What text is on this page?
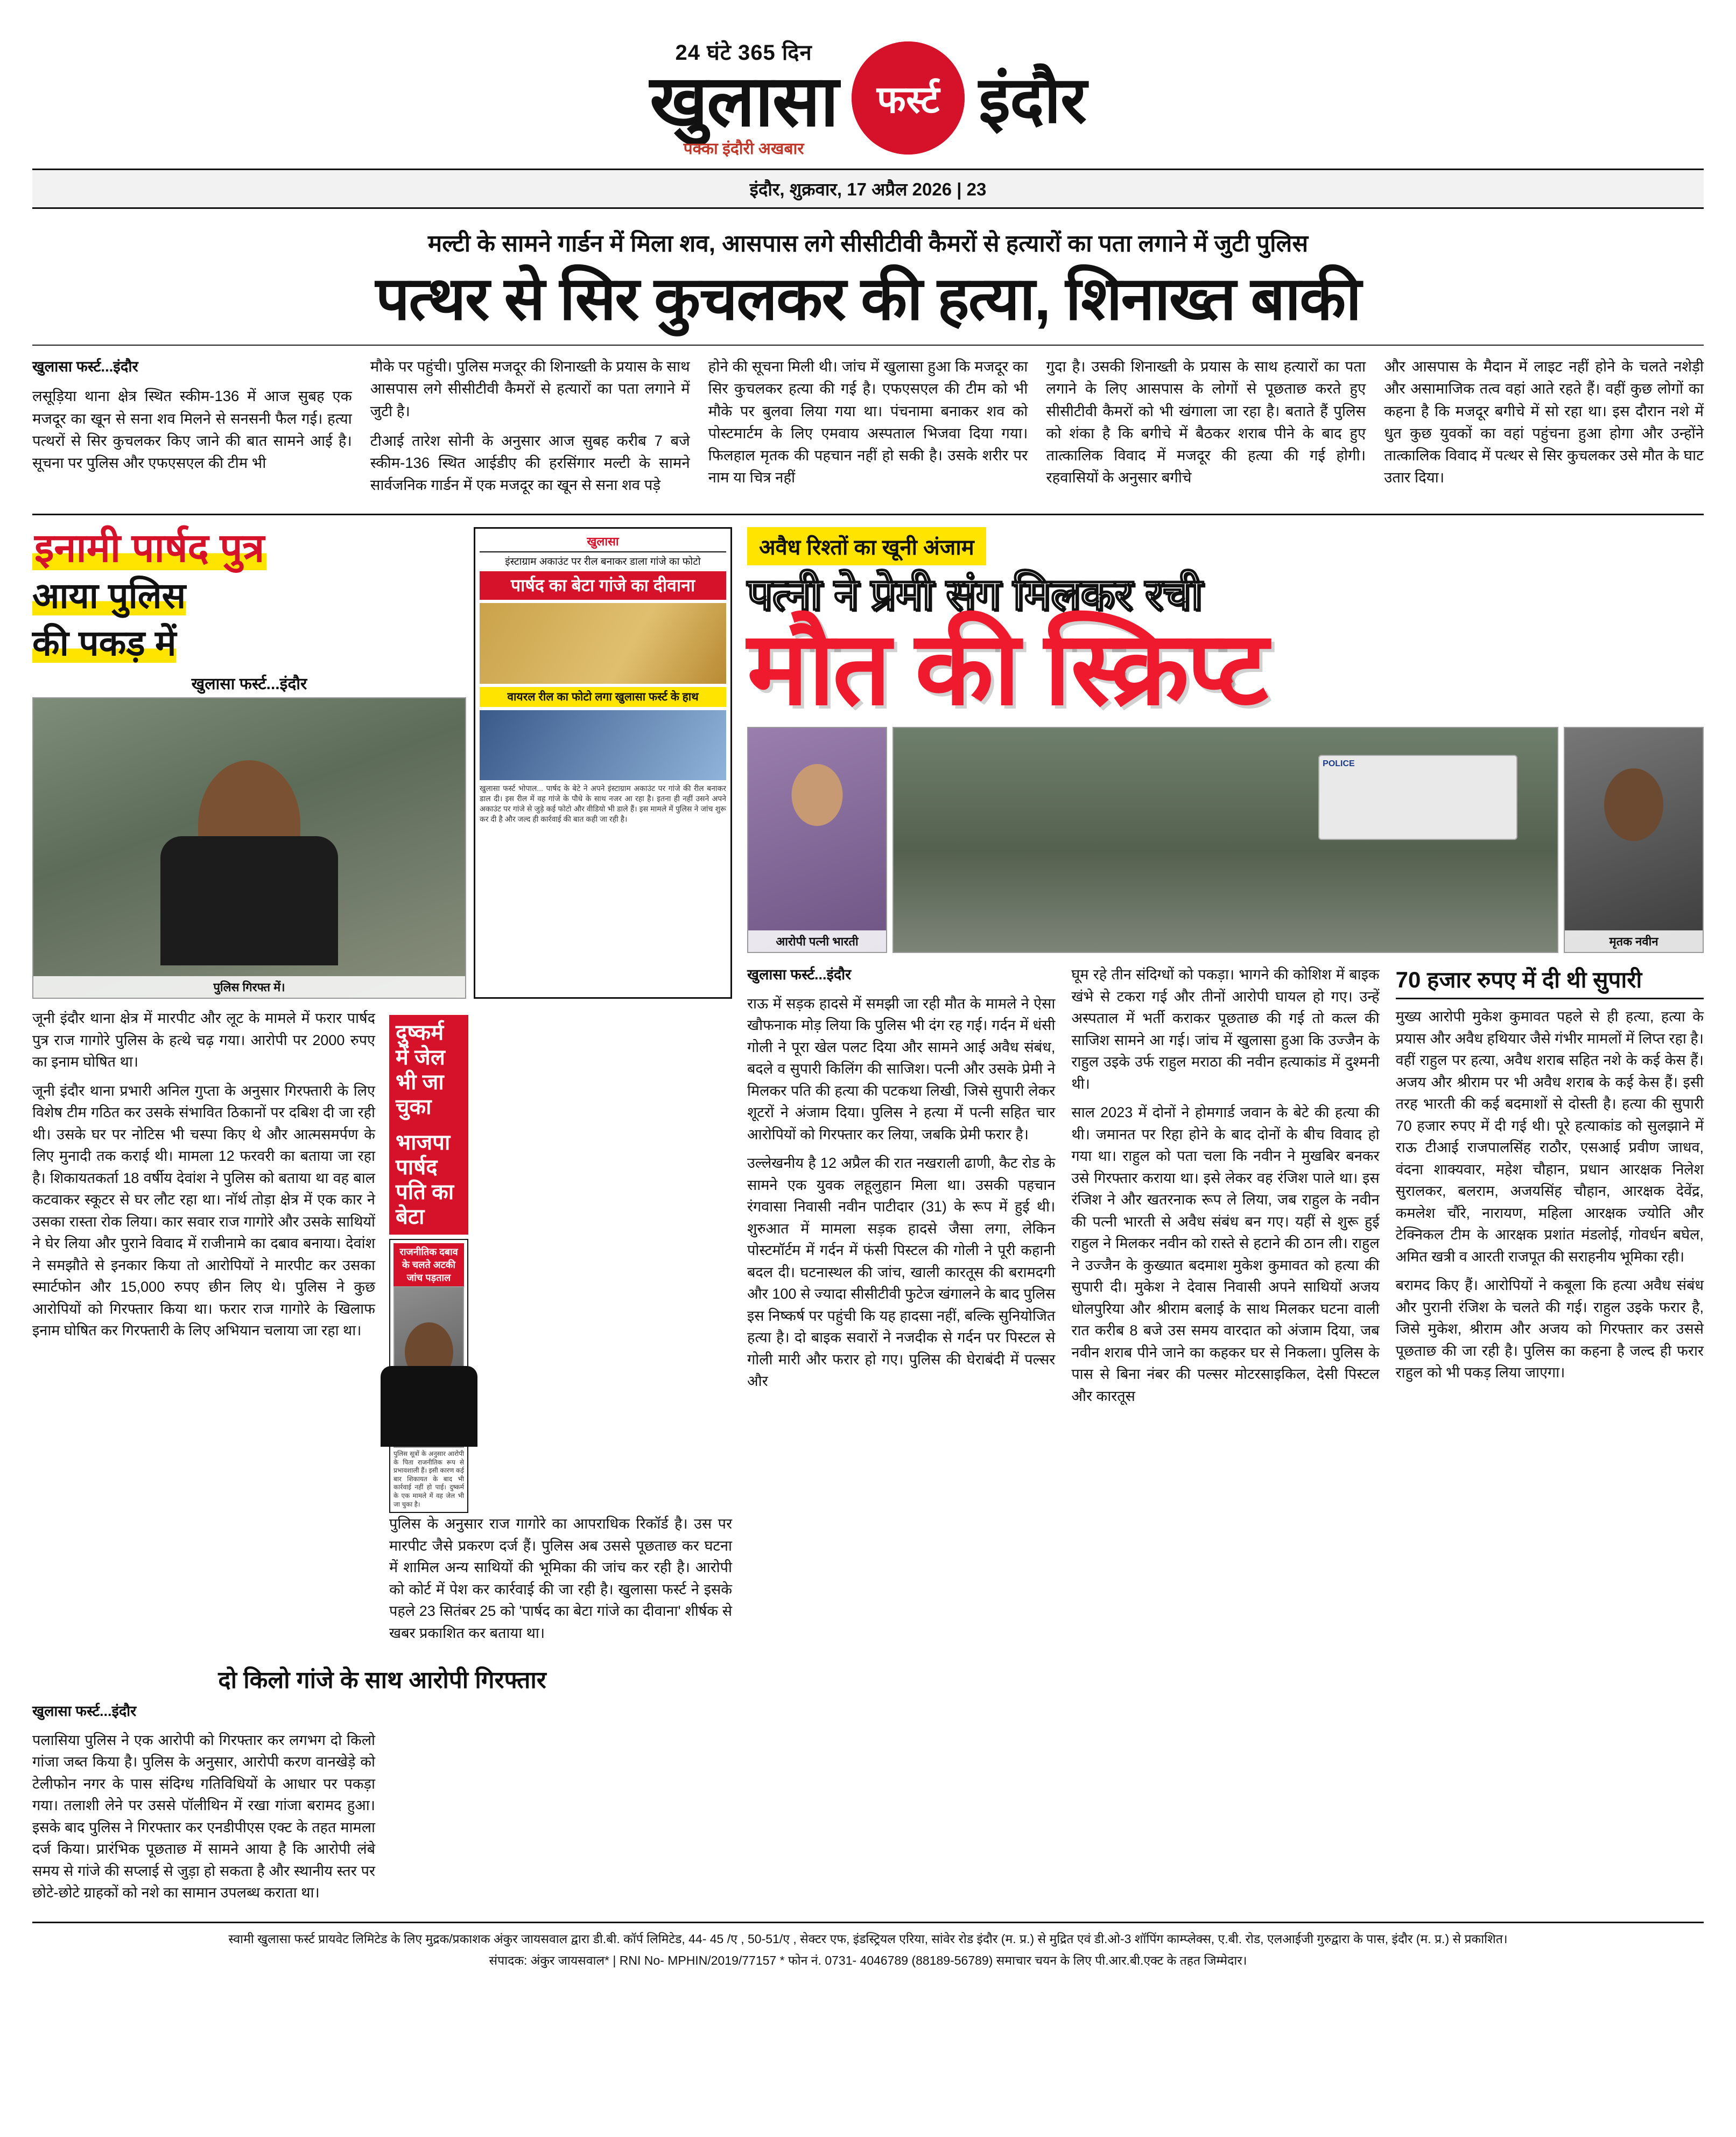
24 घंटे 365 दिन
खुलासा
पक्का इंदौरी अखबार
फर्स्ट इंदौर
इंदौर, शुक्रवार, 17 अप्रैल 2026 | 23
मल्टी के सामने गार्डन में मिला शव, आसपास लगे सीसीटीवी कैमरों से हत्यारों का पता लगाने में जुटी पुलिस
पत्थर से सिर कुचलकर की हत्या, शिनाख्त बाकी

खुलासा फर्स्ट...इंदौर

लसूड़िया थाना क्षेत्र स्थित स्कीम-136 में आज सुबह एक मजदूर का खून से सना शव मिलने से सनसनी फैल गई। हत्या पत्थरों से सिर कुचलकर किए जाने की बात सामने आई है। सूचना पर पुलिस और एफएसएल की टीम भी

मौके पर पहुंची। पुलिस मजदूर की शिनाख्ती के प्रयास के साथ आसपास लगे सीसीटीवी कैमरों से हत्यारों का पता लगाने में जुटी है।

टीआई तारेश सोनी के अनुसार आज सुबह करीब 7 बजे स्कीम-136 स्थित आईडीए की हरसिंगार मल्टी के सामने सार्वजनिक गार्डन में एक मजदूर का खून से सना शव पड़े

होने की सूचना मिली थी। जांच में खुलासा हुआ कि मजदूर का सिर कुचलकर हत्या की गई है। एफएसएल की टीम को भी मौके पर बुलवा लिया गया था। पंचनामा बनाकर शव को पोस्टमार्टम के लिए एमवाय अस्पताल भिजवा दिया गया। फिलहाल मृतक की पहचान नहीं हो सकी है। उसके शरीर पर नाम या चित्र नहीं

गुदा है। उसकी शिनाख्ती के प्रयास के साथ हत्यारों का पता लगाने के लिए आसपास के लोगों से पूछताछ करते हुए सीसीटीवी कैमरों को भी खंगाला जा रहा है। बताते हैं पुलिस को शंका है कि बगीचे में बैठकर शराब पीने के बाद हुए तात्कालिक विवाद में मजदूर की हत्या की गई होगी। रहवासियों के अनुसार बगीचे

और आसपास के मैदान में लाइट नहीं होने के चलते नशेड़ी और असामाजिक तत्व वहां आते रहते हैं। वहीं कुछ लोगों का कहना है कि मजदूर बगीचे में सो रहा था। इस दौरान नशे में धुत कुछ युवकों का वहां पहुंचना हुआ होगा और उन्होंने तात्कालिक विवाद में पत्थर से सिर कुचलकर उसे मौत के घाट उतार दिया।

इनामी पार्षद पुत्र
आया पुलिस
की पकड़ में
खुलासा फर्स्ट...इंदौर
पुलिस गिरफ्त में।
खुलासा
इंस्टाग्राम अकाउंट पर रील बनाकर डाला गांजे का फोटो
पार्षद का बेटा गांजे का दीवाना
वायरल रील का फोटो लगा खुलासा फर्स्ट के हाथ
खुलासा फर्स्ट भोपाल... पार्षद के बेटे ने अपने इंस्टाग्राम अकाउंट पर गांजे की रील बनाकर डाल दी। इस रील में वह गांजे के पौधे के साथ नजर आ रहा है। इतना ही नहीं उसने अपने अकाउंट पर गांजे से जुड़े कई फोटो और वीडियो भी डाले हैं। इस मामले में पुलिस ने जांच शुरू कर दी है और जल्द ही कार्रवाई की बात कही जा रही है।

जूनी इंदौर थाना क्षेत्र में मारपीट और लूट के मामले में फरार पार्षद पुत्र राज गागोरे पुलिस के हत्थे चढ़ गया। आरोपी पर 2000 रुपए का इनाम घोषित था।

जूनी इंदौर थाना प्रभारी अनिल गुप्ता के अनुसार गिरफ्तारी के लिए विशेष टीम गठित कर उसके संभावित ठिकानों पर दबिश दी जा रही थी। उसके घर पर नोटिस भी चस्पा किए थे और आत्मसमर्पण के लिए मुनादी तक कराई थी। मामला 12 फरवरी का बताया जा रहा है। शिकायतकर्ता 18 वर्षीय देवांश ने पुलिस को बताया था वह बाल कटवाकर स्कूटर से घर लौट रहा था। नॉर्थ तोड़ा क्षेत्र में एक कार ने उसका रास्ता रोक लिया। कार सवार राज गागोरे और उसके साथियों ने घेर लिया और पुराने विवाद में राजीनामे का दबाव बनाया। देवांश ने समझौते से इनकार किया तो आरोपियों ने मारपीट कर उसका स्मार्टफोन और 15,000 रुपए छीन लिए थे। पुलिस ने कुछ आरोपियों को गिरफ्तार किया था। फरार राज गागोरे के खिलाफ इनाम घोषित कर गिरफ्तारी के लिए अभियान चलाया जा रहा था।

दुष्कर्म में जेल भी जा चुका
भाजपा पार्षद पति का बेटा
राजनीतिक दबाव के चलते अटकी जांच पड़ताल
पुलिस सूत्रों के अनुसार आरोपी के पिता राजनीतिक रूप से प्रभावशाली हैं। इसी कारण कई बार शिकायत के बाद भी कार्रवाई नहीं हो पाई। दुष्कर्म के एक मामले में वह जेल भी जा चुका है।

पुलिस के अनुसार राज गागोरे का आपराधिक रिकॉर्ड है। उस पर मारपीट जैसे प्रकरण दर्ज हैं। पुलिस अब उससे पूछताछ कर घटना में शामिल अन्य साथियों की भूमिका की जांच कर रही है। आरोपी को कोर्ट में पेश कर कार्रवाई की जा रही है। खुलासा फर्स्ट ने इसके पहले 23 सितंबर 25 को 'पार्षद का बेटा गांजे का दीवाना' शीर्षक से खबर प्रकाशित कर बताया था।

दो किलो गांजे के साथ आरोपी गिरफ्तार

खुलासा फर्स्ट...इंदौर

पलासिया पुलिस ने एक आरोपी को गिरफ्तार कर लगभग दो किलो गांजा जब्त किया है। पुलिस के अनुसार, आरोपी करण वानखेड़े को टेलीफोन नगर के पास संदिग्ध गतिविधियों के आधार पर पकड़ा गया। तलाशी लेने पर उससे पॉलीथिन में रखा गांजा बरामद हुआ। इसके बाद पुलिस ने गिरफ्तार कर एनडीपीएस एक्ट के तहत मामला दर्ज किया। प्रारंभिक पूछताछ में सामने आया है कि आरोपी लंबे समय से गांजे की सप्लाई से जुड़ा हो सकता है और स्थानीय स्तर पर छोटे-छोटे ग्राहकों को नशे का सामान उपलब्ध कराता था।

अवैध रिश्तों का खूनी अंजाम
पत्नी ने प्रेमी संग मिलकर रची
मौत की स्क्रिप्ट
आरोपी पत्नी भारती
POLICE	मृतक नवीन

खुलासा फर्स्ट...इंदौर

राऊ में सड़क हादसे में समझी जा रही मौत के मामले ने ऐसा खौफनाक मोड़ लिया कि पुलिस भी दंग रह गई। गर्दन में धंसी गोली ने पूरा खेल पलट दिया और सामने आई अवैध संबंध, बदले व सुपारी किलिंग की साजिश। पत्नी और उसके प्रेमी ने मिलकर पति की हत्या की पटकथा लिखी, जिसे सुपारी लेकर शूटरों ने अंजाम दिया। पुलिस ने हत्या में पत्नी सहित चार आरोपियों को गिरफ्तार कर लिया, जबकि प्रेमी फरार है।

उल्लेखनीय है 12 अप्रैल की रात नखराली ढाणी, कैट रोड के सामने एक युवक लहूलुहान मिला था। उसकी पहचान रंगवासा निवासी नवीन पाटीदार (31) के रूप में हुई थी। शुरुआत में मामला सड़क हादसे जैसा लगा, लेकिन पोस्टमॉर्टम में गर्दन में फंसी पिस्टल की गोली ने पूरी कहानी बदल दी। घटनास्थल की जांच, खाली कारतूस की बरामदगी और 100 से ज्यादा सीसीटीवी फुटेज खंगालने के बाद पुलिस इस निष्कर्ष पर पहुंची कि यह हादसा नहीं, बल्कि सुनियोजित हत्या है। दो बाइक सवारों ने नजदीक से गर्दन पर पिस्टल से गोली मारी और फरार हो गए। पुलिस की घेराबंदी में पल्सर और

घूम रहे तीन संदिग्धों को पकड़ा। भागने की कोशिश में बाइक खंभे से टकरा गई और तीनों आरोपी घायल हो गए। उन्हें अस्पताल में भर्ती कराकर पूछताछ की गई तो कत्ल की साजिश सामने आ गई। जांच में खुलासा हुआ कि उज्जैन के राहुल उइके उर्फ राहुल मराठा की नवीन हत्याकांड में दुश्मनी थी।

साल 2023 में दोनों ने होमगार्ड जवान के बेटे की हत्या की थी। जमानत पर रिहा होने के बाद दोनों के बीच विवाद हो गया था। राहुल को पता चला कि नवीन ने मुखबिर बनकर उसे गिरफ्तार कराया था। इसे लेकर वह रंजिश पाले था। इस रंजिश ने और खतरनाक रूप ले लिया, जब राहुल के नवीन की पत्नी भारती से अवैध संबंध बन गए। यहीं से शुरू हुई राहुल ने मिलकर नवीन को रास्ते से हटाने की ठान ली। राहुल ने उज्जैन के कुख्यात बदमाश मुकेश कुमावत को हत्या की सुपारी दी। मुकेश ने देवास निवासी अपने साथियों अजय धोलपुरिया और श्रीराम बलाई के साथ मिलकर घटना वाली रात करीब 8 बजे उस समय वारदात को अंजाम दिया, जब नवीन शराब पीने जाने का कहकर घर से निकला। पुलिस के पास से बिना नंबर की पल्सर मोटरसाइकिल, देसी पिस्टल और कारतूस

70 हजार रुपए में दी थी सुपारी

मुख्य आरोपी मुकेश कुमावत पहले से ही हत्या, हत्या के प्रयास और अवैध हथियार जैसे गंभीर मामलों में लिप्त रहा है। वहीं राहुल पर हत्या, अवैध शराब सहित नशे के कई केस हैं। अजय और श्रीराम पर भी अवैध शराब के कई केस हैं। इसी तरह भारती की कई बदमाशों से दोस्ती है। हत्या की सुपारी 70 हजार रुपए में दी गई थी। पूरे हत्याकांड को सुलझाने में राऊ टीआई राजपालसिंह राठौर, एसआई प्रवीण जाधव, वंदना शाक्यवार, महेश चौहान, प्रधान आरक्षक निलेश सुरालकर, बलराम, अजयसिंह चौहान, आरक्षक देवेंद्र, कमलेश चौंरे, नारायण, महिला आरक्षक ज्योति और टेक्निकल टीम के आरक्षक प्रशांत मंडलोई, गोवर्धन बघेल, अमित खत्री व आरती राजपूत की सराहनीय भूमिका रही।

बरामद किए हैं। आरोपियों ने कबूला कि हत्या अवैध संबंध और पुरानी रंजिश के चलते की गई। राहुल उइके फरार है, जिसे मुकेश, श्रीराम और अजय को गिरफ्तार कर उससे पूछताछ की जा रही है। पुलिस का कहना है जल्द ही फरार राहुल को भी पकड़ लिया जाएगा।

स्वामी खुलासा फर्स्ट प्रायवेट लिमिटेड के लिए मुद्रक/प्रकाशक अंकुर जायसवाल द्वारा डी.बी. कॉर्प लिमिटेड, 44- 45 /ए , 50-51/ए , सेक्टर एफ, इंडस्ट्रियल एरिया, सांवेर रोड इंदौर (म. प्र.) से मुद्रित एवं डी.ओ-3 शॉपिंग काम्प्लेक्स, ए.बी. रोड, एलआईजी गुरुद्वारा के पास, इंदौर (म. प्र.) से प्रकाशित।
संपादक: अंकुर जायसवाल* | RNI No- MPHIN/2019/77157 * फोन नं. 0731- 4046789 (88189-56789) समाचार चयन के लिए पी.आर.बी.एक्ट के तहत जिम्मेदार।
